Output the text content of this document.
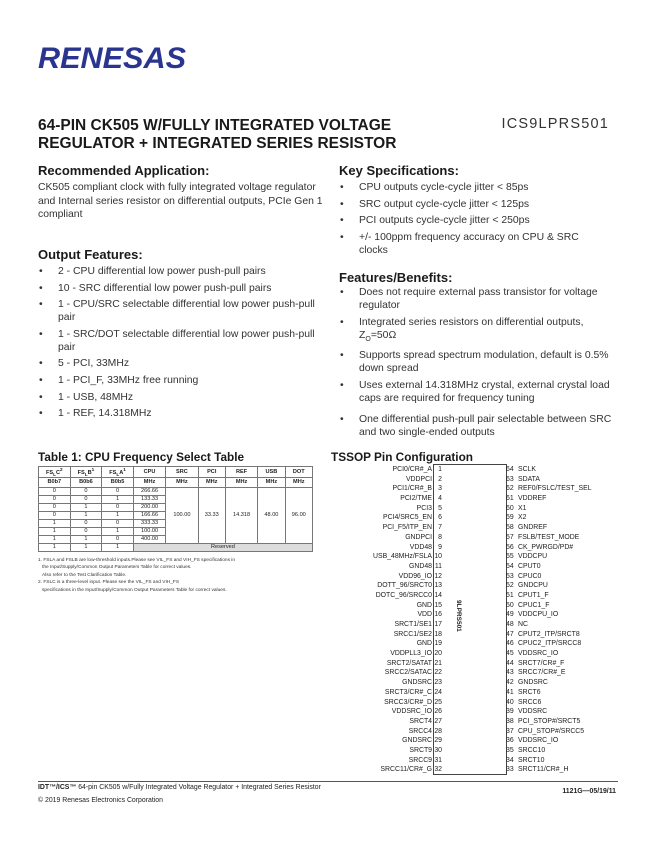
RENESAS
64-PIN CK505 W/FULLY INTEGRATED VOLTAGE REGULATOR + INTEGRATED SERIES RESISTOR
ICS9LPRS501
Recommended Application:
CK505 compliant clock with fully integrated voltage regulator and Internal series resistor on differential outputs, PCIe Gen 1 compliant
Output Features:
• 2 - CPU differential low power push-pull pairs
• 10 - SRC differential low power push-pull pairs
• 1 - CPU/SRC selectable differential low power push-pull pair
• 1 - SRC/DOT selectable differential low power push-pull pair
• 5 - PCI, 33MHz
• 1 - PCI_F, 33MHz free running
• 1 - USB, 48MHz
• 1 - REF, 14.318MHz
Key Specifications:
• CPU outputs cycle-cycle jitter < 85ps
• SRC output cycle-cycle jitter < 125ps
• PCI outputs cycle-cycle jitter < 250ps
• +/- 100ppm frequency accuracy on CPU & SRC clocks
Features/Benefits:
• Does not require external pass transistor for voltage regulator
• Integrated series resistors on differential outputs,
$Z_O=50\Omega$
• Supports spread spectrum modulation, default is 0.5% down spread
• Uses external 14.318MHz crystal, external crystal load caps are required for frequency tuning
• One differential push-pull pair selectable between SRC and two single-ended outputs
Table 1: CPU Frequency Select Table
$FS_LC^2$	$FS_LB^1$	$FS_LA^1$	CPU	SRC	PCI	REF	USB	DOT
B0b7	B0b6	B0b5	MHz	MHz	MHz	MHz	MHz	MHz
0	0	0	266.66	100.00	33.33	14.318	48.00	96.00
0	0	1	133.33					
0	1	0	200.00					
0	1	1	166.66					
1	0	0	333.33					
1	0	1	100.00					
1	1	0	400.00					
1	1	1	Reserved					
1. FSLA and FSLB are low-threshold inputs.Please see VIL_FS and VIH_FS specifications in
the Input/Supply/Common Output Parameters Table for correct values.
Also refer to the Test Clarification Table.
2. FSLC is a three-level input. Please see the VIL_FS and VIH_FS
specifications in the Input/Supply/Common Output Parameters Table for correct values.
TSSOP Pin Configuration
9LPRS501
PCI0/CR#_A 1
VDDPCI 2
PCI1/CR#_B 3
PCI2/TME 4
PCI3 5
PCI4/SRC5_EN 6
PCI_F5/ITP_EN 7
GNDPCI 8
VDD48 9
USB_48MHz/FSLA 10
GND48 11
VDD96_IO 12
DOTT_96/SRCT0 13
DOTC_96/SRCC0 14
GND 15
VDD 16
SRCT1/SE1 17
SRCC1/SE2 18
GND 19
VDDPLL3_IO 20
SRCT2/SATAT 21
SRCC2/SATAC 22
GNDSRC 23
SRCT3/CR#_C 24
SRCC3/CR#_D 25
VDDSRC_IO 26
SRCT4 27
SRCC4 28
GNDSRC 29
SRCT9 30
SRCC9 31
SRCC11/CR#_G 32
64 SCLK
63 SDATA
62 REF0/FSLC/TEST_SEL
61 VDDREF
60 X1
59 X2
58 GNDREF
57 FSLB/TEST_MODE
56 CK_PWRGD/PD#
55 VDDCPU
54 CPUT0
53 CPUC0
52 GNDCPU
51 CPUT1_F
50 CPUC1_F
49 VDDCPU_IO
48 NC
47 CPUT2_ITP/SRCT8
46 CPUC2_ITP/SRCC8
45 VDDSRC_IO
44 SRCT7/CR#_F
43 SRCC7/CR#_E
42 GNDSRC
41 SRCT6
40 SRCC6
39 VDDSRC
38 PCI_STOP#/SRCT5
37 CPU_STOP#/SRCC5
36 VDDSRC_IO
35 SRCC10
34 SRCT10
33 SRCT11/CR#_H
IDT™/ICS™ 64-pin CK505 w/Fully Integrated Voltage Regulator + Integrated Series Resistor
1121G—05/19/11
© 2019 Renesas Electronics Corporation
